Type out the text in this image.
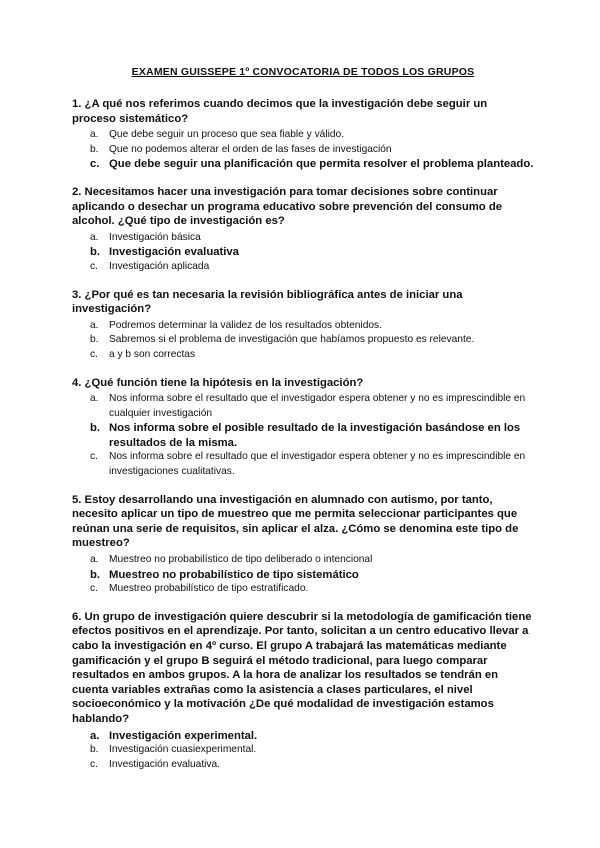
EXAMEN GUISSEPE 1º CONVOCATORIA DE TODOS LOS GRUPOS
1. ¿A qué nos referimos cuando decimos que la investigación debe seguir un proceso sistemático?
a. Que debe seguir un proceso que sea fiable y válido.
b. Que no podemos alterar el orden de las fases de investigación
c. Que debe seguir una planificación que permita resolver el problema planteado.
2. Necesitamos hacer una investigación para tomar decisiones sobre continuar aplicando o desechar un programa educativo sobre prevención del consumo de alcohol. ¿Qué tipo de investigación es?
a. Investigación básica
b. Investigación evaluativa
c. Investigación aplicada
3. ¿Por qué es tan necesaria la revisión bibliográfica antes de iniciar una investigación?
a. Podremos determinar la validez de los resultados obtenidos.
b. Sabremos si el problema de investigación que habíamos propuesto es relevante.
c. a y b son correctas
4. ¿Qué función tiene la hipótesis en la investigación?
a. Nos informa sobre el resultado que el investigador espera obtener y no es imprescindible en cualquier investigación
b. Nos informa sobre el posible resultado de la investigación basándose en los resultados de la misma.
c. Nos informa sobre el resultado que el investigador espera obtener y no es imprescindible en investigaciones cualitativas.
5. Estoy desarrollando una investigación en alumnado con autismo, por tanto, necesito aplicar un tipo de muestreo que me permita seleccionar participantes que reúnan una serie de requisitos, sin aplicar el alza. ¿Cómo se denomina este tipo de muestreo?
a. Muestreo no probabilístico de tipo deliberado o intencional
b. Muestreo no probabilístico de tipo sistemático
c. Muestreo probabilístico de tipo estratificado.
6. Un grupo de investigación quiere descubrir si la metodología de gamificación tiene efectos positivos en el aprendizaje. Por tanto, solicitan a un centro educativo llevar a cabo la investigación en 4º curso. El grupo A trabajará las matemáticas mediante gamificación y el grupo B seguirá el método tradicional, para luego comparar resultados en ambos grupos. A la hora de analizar los resultados se tendrán en cuenta variables extrañas como la asistencia a clases particulares, el nivel socioeconómico y la motivación ¿De qué modalidad de investigación estamos hablando?
a. Investigación experimental.
b. Investigación cuasiexperimental.
c. Investigación evaluativa.
